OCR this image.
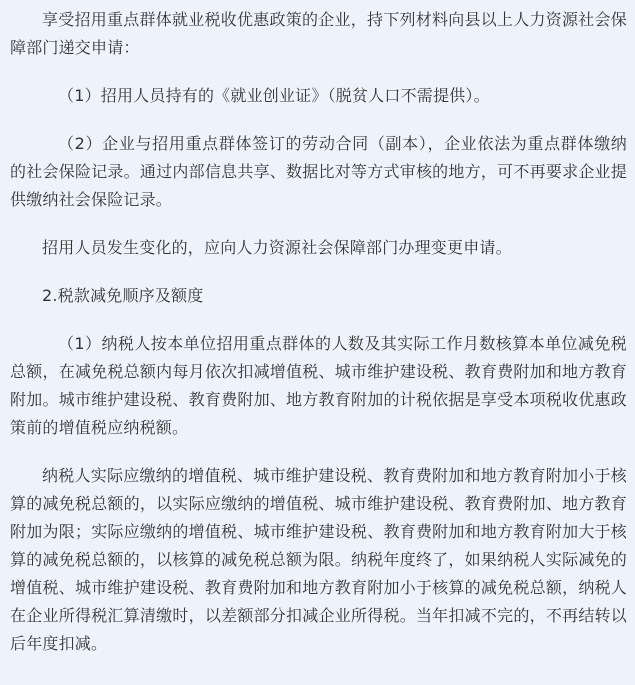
享受招用重点群体就业税收优惠政策的企业，持下列材料向县以上人力资源社会保障部门递交申请：

（1）招用人员持有的《就业创业证》（脱贫人口不需提供）。

（2）企业与招用重点群体签订的劳动合同（副本），企业依法为重点群体缴纳的社会保险记录。通过内部信息共享、数据比对等方式审核的地方，可不再要求企业提供缴纳社会保险记录。

招用人员发生变化的，应向人力资源社会保障部门办理变更申请。

2.税款减免顺序及额度

（1）纳税人按本单位招用重点群体的人数及其实际工作月数核算本单位减免税总额，在减免税总额内每月依次扣减增值税、城市维护建设税、教育费附加和地方教育附加。城市维护建设税、教育费附加、地方教育附加的计税依据是享受本项税收优惠政策前的增值税应纳税额。

纳税人实际应缴纳的增值税、城市维护建设税、教育费附加和地方教育附加小于核算的减免税总额的，以实际应缴纳的增值税、城市维护建设税、教育费附加、地方教育附加为限；实际应缴纳的增值税、城市维护建设税、教育费附加和地方教育附加大于核算的减免税总额的，以核算的减免税总额为限。纳税年度终了，如果纳税人实际减免的增值税、城市维护建设税、教育费附加和地方教育附加小于核算的减免税总额，纳税人在企业所得税汇算清缴时，以差额部分扣减企业所得税。当年扣减不完的，不再结转以后年度扣减。
